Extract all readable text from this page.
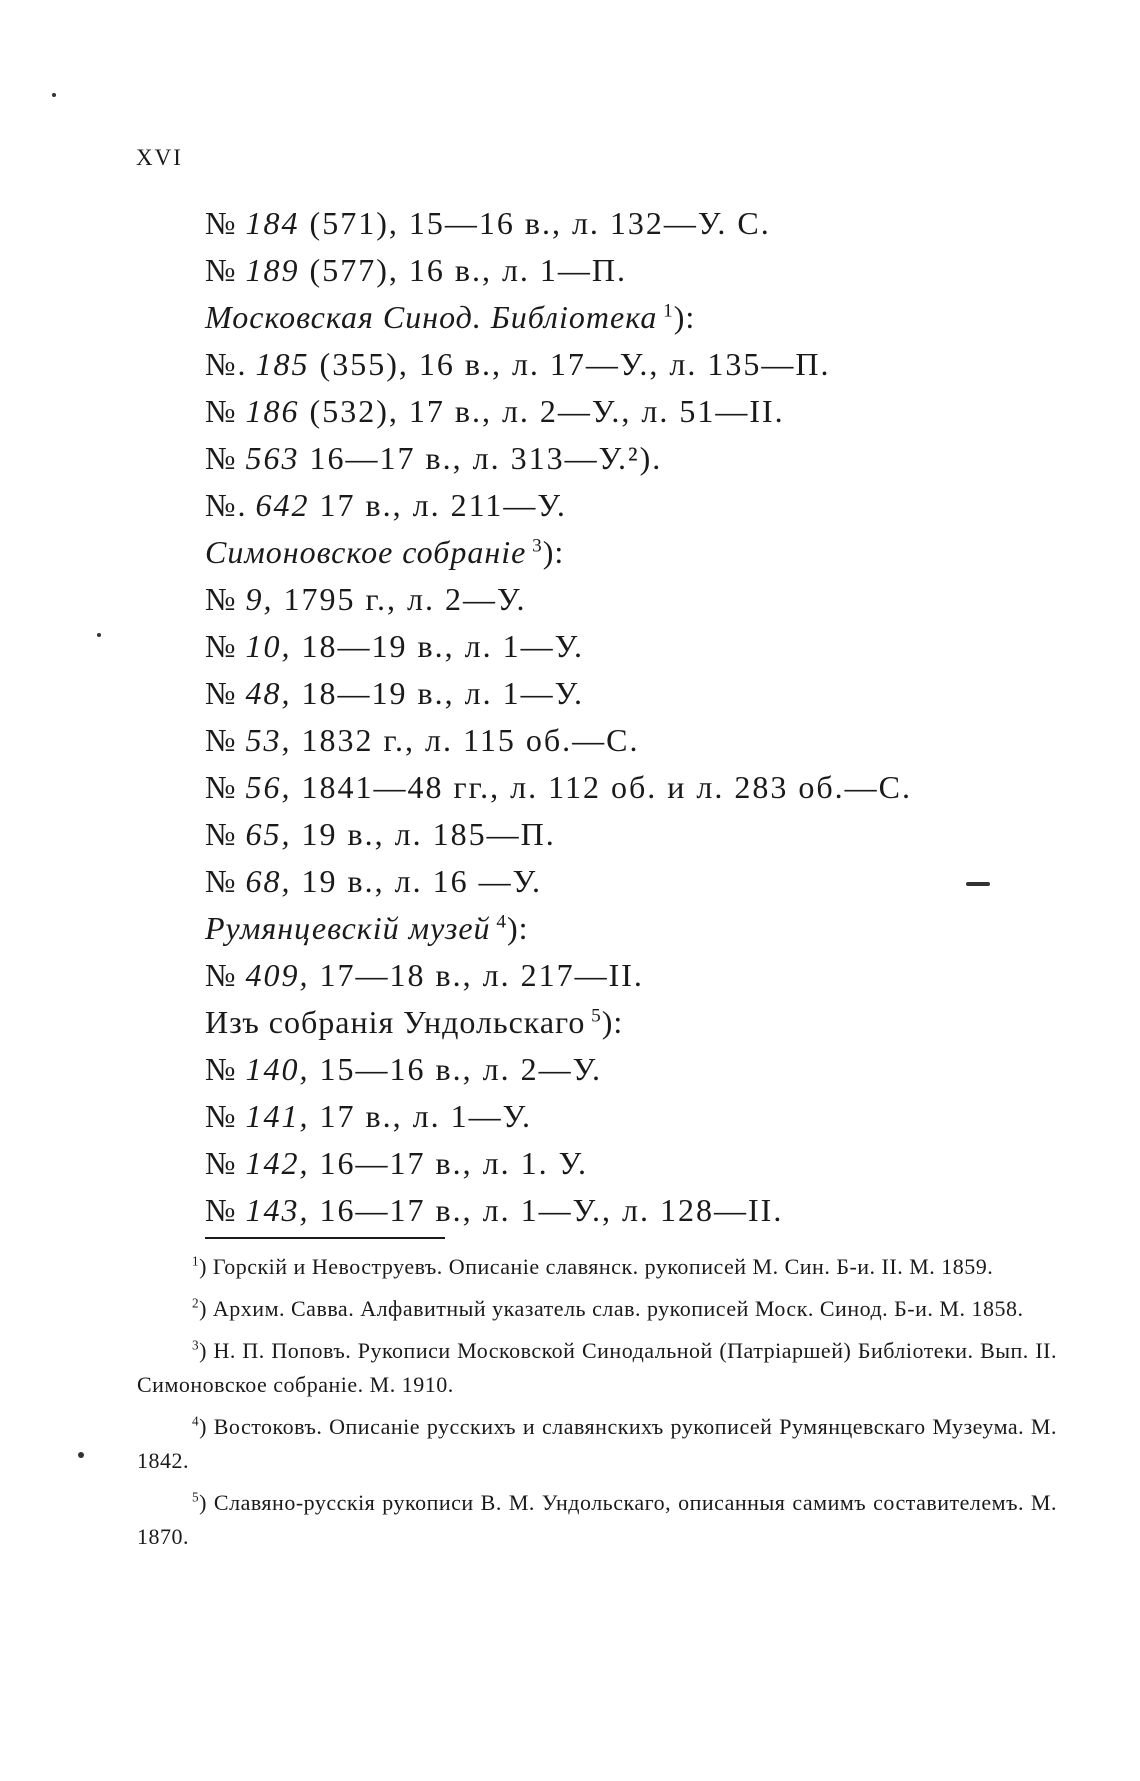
XVI
№ 184 (571), 15—16 в., л. 132—У. С.
№ 189 (577), 16 в., л. 1—П.
Московская Синод. Библіотека $^1$):
№. 185 (355), 16 в., л. 17—У., л. 135—П.
№ 186 (532), 17 в., л. 2—У., л. 51—II.
№ 563 16—17 в., л. 313—У.²).
№. 642 17 в., л. 211—У.
Симоновское собраніе $^3$):
№ 9, 1795 г., л. 2—У.
№ 10, 18—19 в., л. 1—У.
№ 48, 18—19 в., л. 1—У.
№ 53, 1832 г., л. 115 об.—С.
№ 56, 1841—48 гг., л. 112 об. и л. 283 об.—С.
№ 65, 19 в., л. 185—П.
№ 68, 19 в., л. 16 —У.
Румянцевскій музей $^4$):
№ 409, 17—18 в., л. 217—II.
Изъ собранія Ундольскаго $^5$):
№ 140, 15—16 в., л. 2—У.
№ 141, 17 в., л. 1—У.
№ 142, 16—17 в., л. 1. У.
№ 143, 16—17 в., л. 1—У., л. 128—II.
$^1$) Горскій и Невоструевъ. Описаніе славянск. рукописей М. Син. Б-и. II. М. 1859.
$^2$) Архим. Савва. Алфавитный указатель слав. рукописей Моск. Синод. Б-и. М. 1858.
$^3$) Н. П. Поповъ. Рукописи Московской Синодальной (Патріаршей) Библіотеки. Вып. II. Симоновское собраніе. М. 1910.
$^4$) Востоковъ. Описаніе русскихъ и славянскихъ рукописей Румянцевскаго Музеума. М. 1842.
$^5$) Славяно-русскія рукописи В. М. Ундольскаго, описанныя самимъ составителемъ. М. 1870.
